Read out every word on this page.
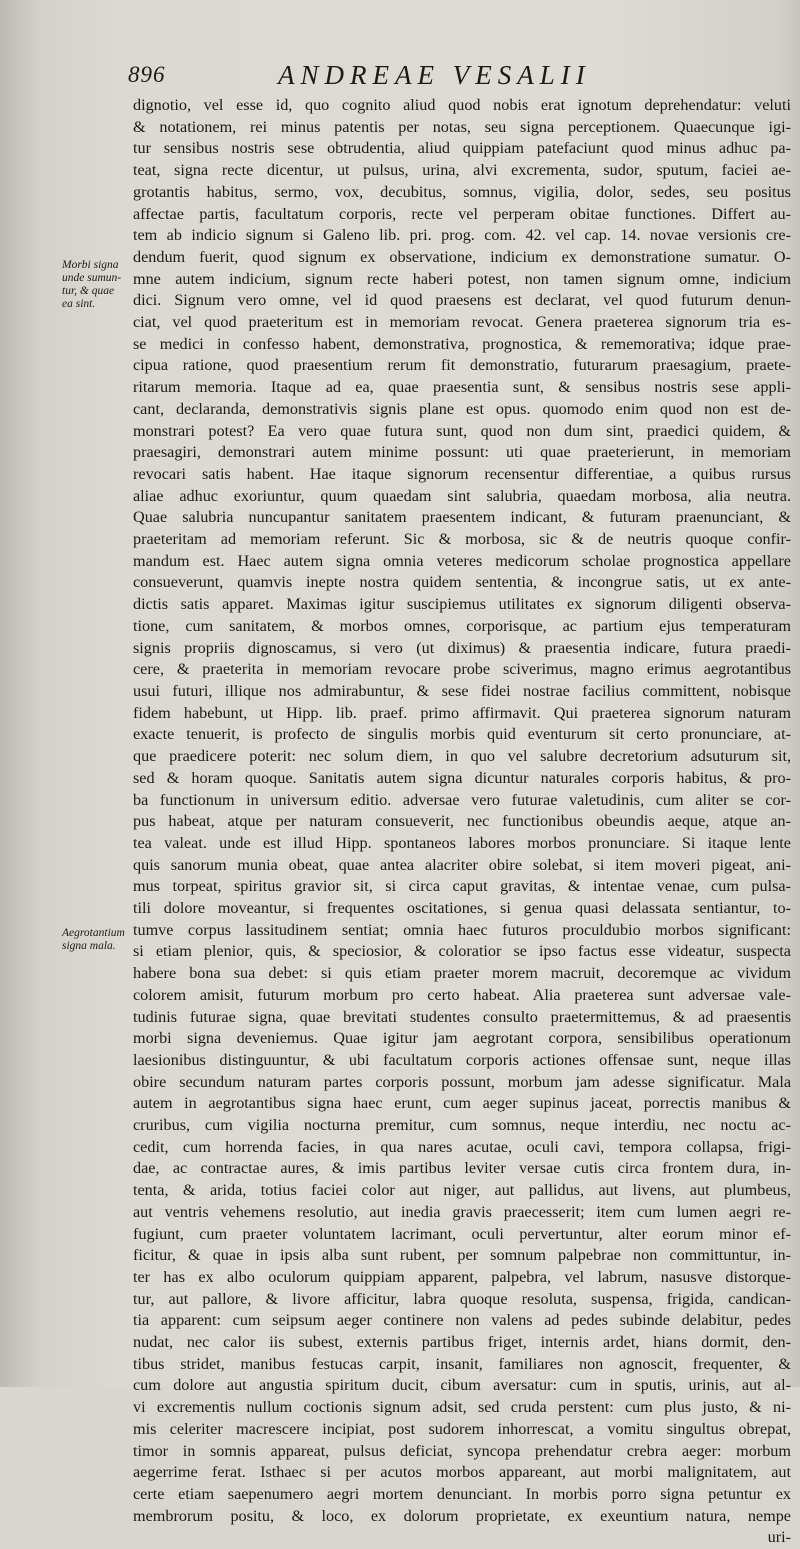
896	ANDREAE VESALII
Morbi signa
unde sumun-
tur, & quae
ea sint.
Aegrotantium
signa mala.
dignotio, vel esse id, quo cognito aliud quod nobis erat ignotum deprehendatur: veluti
& notationem, rei minus patentis per notas, seu signa perceptionem. Quaecunque igi-
tur sensibus nostris sese obtrudentia, aliud quippiam patefaciunt quod minus adhuc pa-
teat, signa recte dicentur, ut pulsus, urina, alvi excrementa, sudor, sputum, faciei ae-
grotantis habitus, sermo, vox, decubitus, somnus, vigilia, dolor, sedes, seu positus
affectae partis, facultatum corporis, recte vel perperam obitae functiones. Differt au-
tem ab indicio signum si Galeno lib. pri. prog. com. 42. vel cap. 14. novae versionis cre-
dendum fuerit, quod signum ex observatione, indicium ex demonstratione sumatur. O-
mne autem indicium, signum recte haberi potest, non tamen signum omne, indicium
dici. Signum vero omne, vel id quod praesens est declarat, vel quod futurum denun-
ciat, vel quod praeteritum est in memoriam revocat. Genera praeterea signorum tria es-
se medici in confesso habent, demonstrativa, prognostica, & rememorativa; idque prae-
cipua ratione, quod praesentium rerum fit demonstratio, futurarum praesagium, praete-
ritarum memoria. Itaque ad ea, quae praesentia sunt, & sensibus nostris sese appli-
cant, declaranda, demonstrativis signis plane est opus. quomodo enim quod non est de-
monstrari potest? Ea vero quae futura sunt, quod non dum sint, praedici quidem, &
praesagiri, demonstrari autem minime possunt: uti quae praeterierunt, in memoriam
revocari satis habent. Hae itaque signorum recensentur differentiae, a quibus rursus
aliae adhuc exoriuntur, quum quaedam sint salubria, quaedam morbosa, alia neutra.
Quae salubria nuncupantur sanitatem praesentem indicant, & futuram praenunciant, &
praeteritam ad memoriam referunt. Sic & morbosa, sic & de neutris quoque confir-
mandum est. Haec autem signa omnia veteres medicorum scholae prognostica appellare
consueverunt, quamvis inepte nostra quidem sententia, & incongrue satis, ut ex ante-
dictis satis apparet. Maximas igitur suscipiemus utilitates ex signorum diligenti observa-
tione, cum sanitatem, & morbos omnes, corporisque, ac partium ejus temperaturam
signis propriis dignoscamus, si vero (ut diximus) & praesentia indicare, futura praedi-
cere, & praeterita in memoriam revocare probe sciverimus, magno erimus aegrotantibus
usui futuri, illique nos admirabuntur, & sese fidei nostrae facilius committent, nobisque
fidem habebunt, ut Hipp. lib. praef. primo affirmavit. Qui praeterea signorum naturam
exacte tenuerit, is profecto de singulis morbis quid eventurum sit certo pronunciare, at-
que praedicere poterit: nec solum diem, in quo vel salubre decretorium adsuturum sit,
sed & horam quoque. Sanitatis autem signa dicuntur naturales corporis habitus, & pro-
ba functionum in universum editio. adversae vero futurae valetudinis, cum aliter se cor-
pus habeat, atque per naturam consueverit, nec functionibus obeundis aeque, atque an-
tea valeat. unde est illud Hipp. spontaneos labores morbos pronunciare. Si itaque lente
quis sanorum munia obeat, quae antea alacriter obire solebat, si item moveri pigeat, ani-
mus torpeat, spiritus gravior sit, si circa caput gravitas, & intentae venae, cum pulsa-
tili dolore moveantur, si frequentes oscitationes, si genua quasi delassata sentiantur, to-
tumve corpus lassitudinem sentiat; omnia haec futuros proculdubio morbos significant:
si etiam plenior, quis, & speciosior, & coloratior se ipso factus esse videatur, suspecta
habere bona sua debet: si quis etiam praeter morem macruit, decoremque ac vividum
colorem amisit, futurum morbum pro certo habeat. Alia praeterea sunt adversae vale-
tudinis futurae signa, quae brevitati studentes consulto praetermittemus, & ad praesentis
morbi signa deveniemus. Quae igitur jam aegrotant corpora, sensibilibus operationum
laesionibus distinguuntur, & ubi facultatum corporis actiones offensae sunt, neque illas
obire secundum naturam partes corporis possunt, morbum jam adesse significatur. Mala
autem in aegrotantibus signa haec erunt, cum aeger supinus jaceat, porrectis manibus &
cruribus, cum vigilia nocturna premitur, cum somnus, neque interdiu, nec noctu ac-
cedit, cum horrenda facies, in qua nares acutae, oculi cavi, tempora collapsa, frigi-
dae, ac contractae aures, & imis partibus leviter versae cutis circa frontem dura, in-
tenta, & arida, totius faciei color aut niger, aut pallidus, aut livens, aut plumbeus,
aut ventris vehemens resolutio, aut inedia gravis praecesserit; item cum lumen aegri re-
fugiunt, cum praeter voluntatem lacrimant, oculi pervertuntur, alter eorum minor ef-
ficitur, & quae in ipsis alba sunt rubent, per somnum palpebrae non committuntur, in-
ter has ex albo oculorum quippiam apparent, palpebra, vel labrum, nasusve distorque-
tur, aut pallore, & livore afficitur, labra quoque resoluta, suspensa, frigida, candican-
tia apparent: cum seipsum aeger continere non valens ad pedes subinde delabitur, pedes
nudat, nec calor iis subest, externis partibus friget, internis ardet, hians dormit, den-
tibus stridet, manibus festucas carpit, insanit, familiares non agnoscit, frequenter, &
cum dolore aut angustia spiritum ducit, cibum aversatur: cum in sputis, urinis, aut al-
vi excrementis nullum coctionis signum adsit, sed cruda perstent: cum plus justo, & ni-
mis celeriter macrescere incipiat, post sudorem inhorrescat, a vomitu singultus obrepat,
timor in somnis appareat, pulsus deficiat, syncopa prehendatur crebra aeger: morbum
aegerrime ferat. Isthaec si per acutos morbos appareant, aut morbi malignitatem, aut
certe etiam saepenumero aegri mortem denunciant. In morbis porro signa petuntur ex
membrorum positu, & loco, ex dolorum proprietate, ex exeuntium natura, nempe
uri-
